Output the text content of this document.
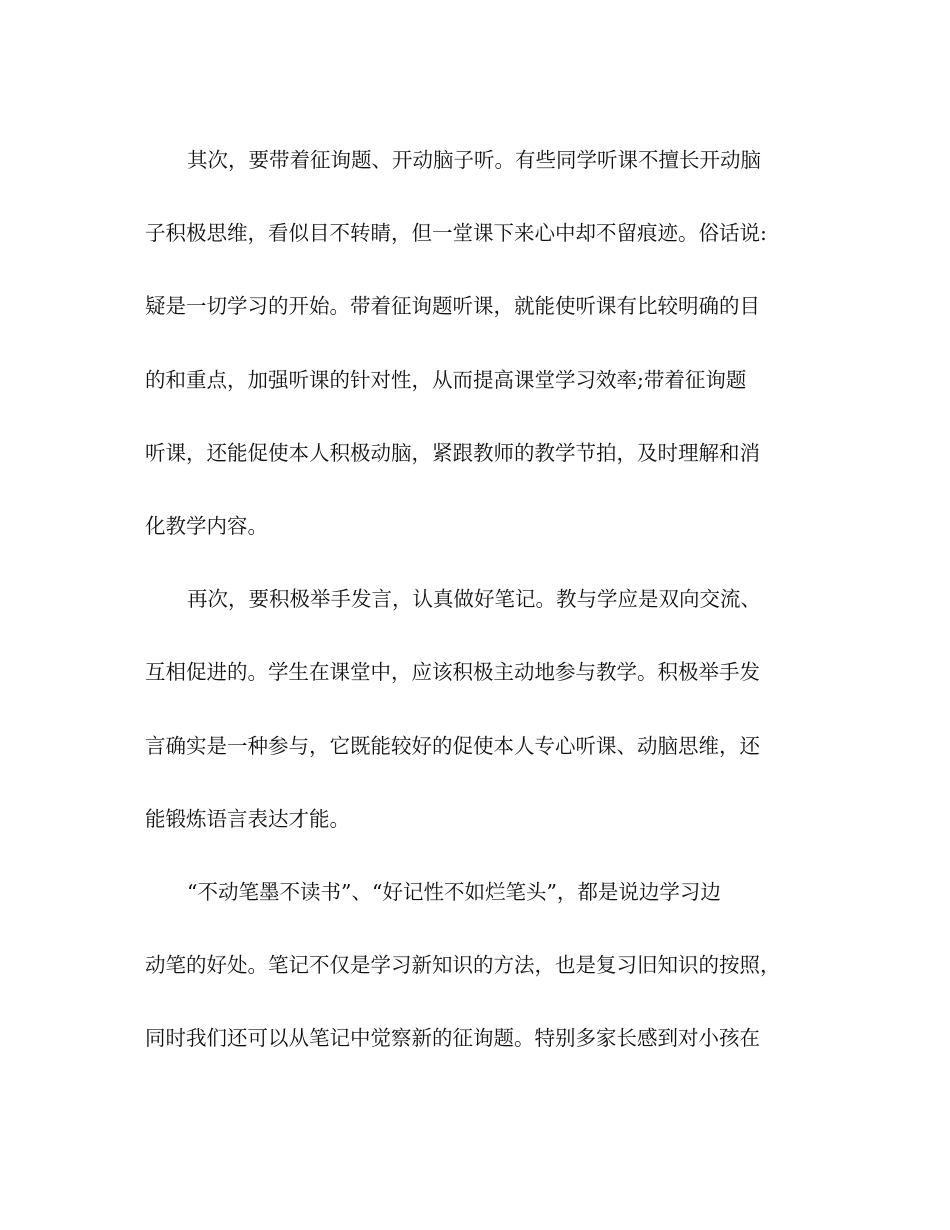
其次，要带着征询题、开动脑子听。有些同学听课不擅长开动脑
子积极思维，看似目不转睛，但一堂课下来心中却不留痕迹。俗话说:
疑是一切学习的开始。带着征询题听课，就能使听课有比较明确的目
的和重点，加强听课的针对性，从而提高课堂学习效率;带着征询题
听课，还能促使本人积极动脑，紧跟教师的教学节拍，及时理解和消
化教学内容。
再次，要积极举手发言，认真做好笔记。教与学应是双向交流、
互相促进的。学生在课堂中，应该积极主动地参与教学。积极举手发
言确实是一种参与，它既能较好的促使本人专心听课、动脑思维，还
能锻炼语言表达才能。
“不动笔墨不读书”、“好记性不如烂笔头”，都是说边学习边
动笔的好处。笔记不仅是学习新知识的方法，也是复习旧知识的按照，
同时我们还可以从笔记中觉察新的征询题。特别多家长感到对小孩在
